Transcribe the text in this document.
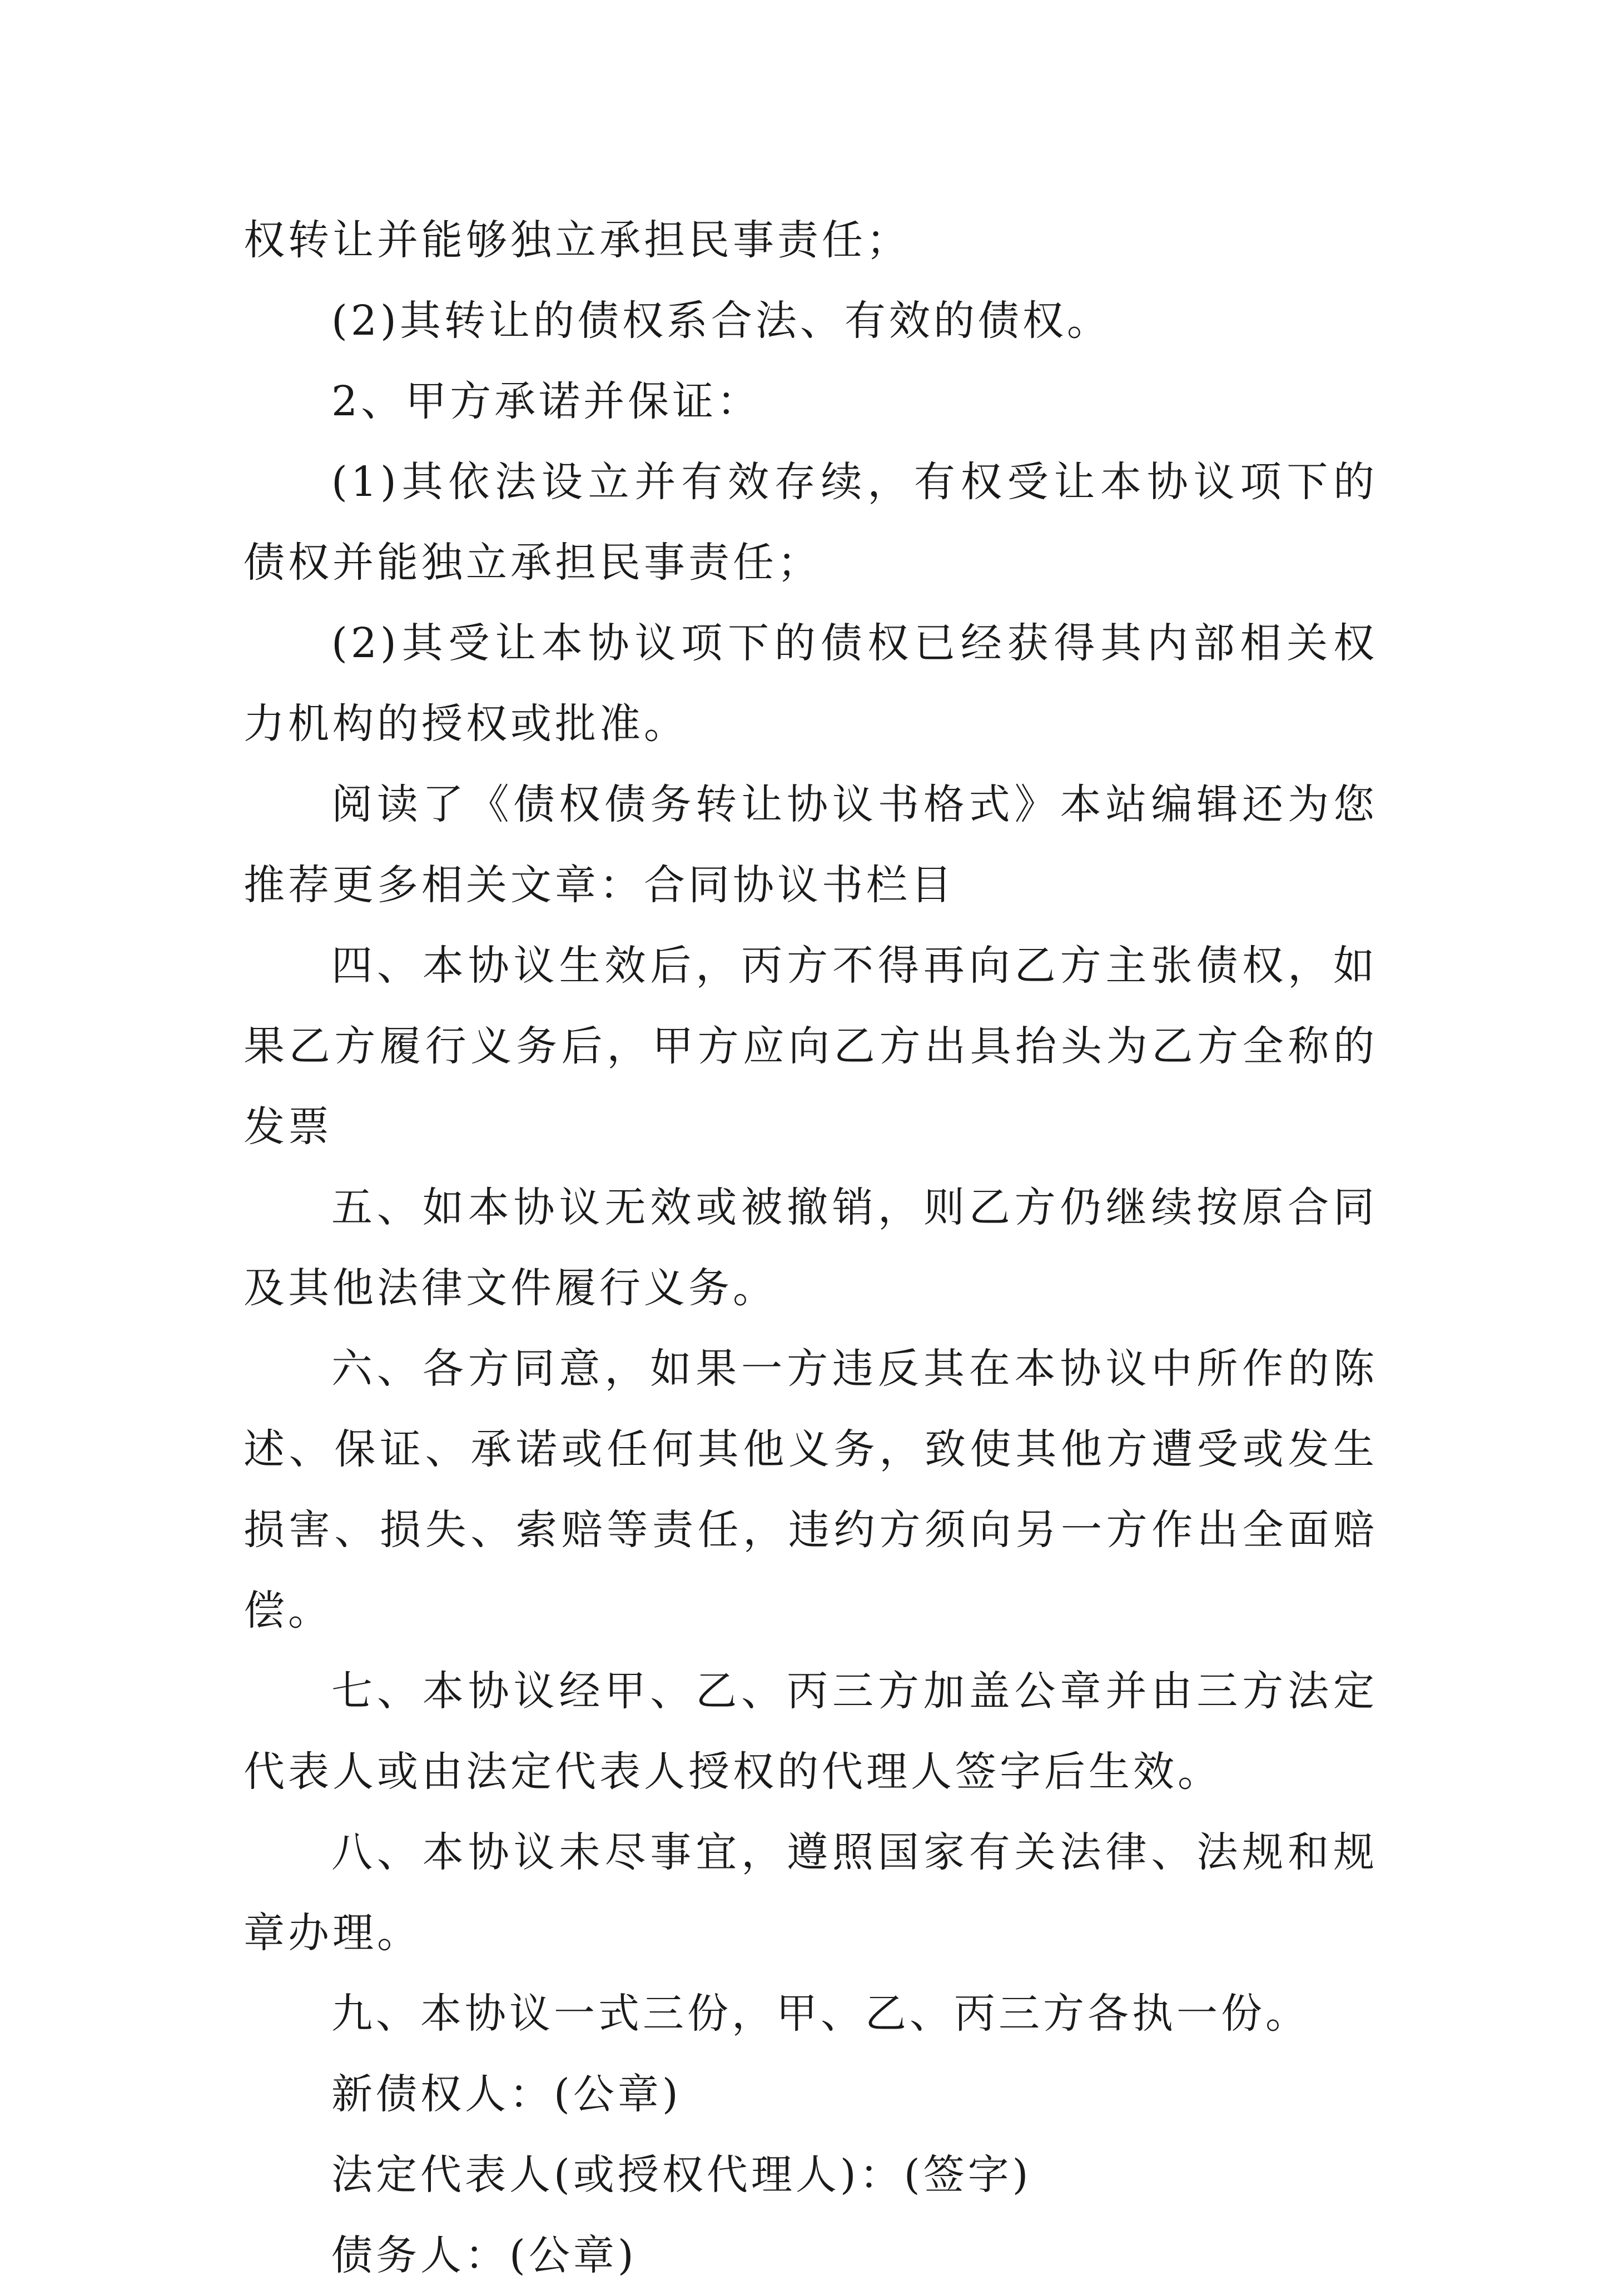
权转让并能够独立承担民事责任；

(2)其转让的债权系合法、有效的债权。

2、甲方承诺并保证：

(1)其依法设立并有效存续，有权受让本协议项下的债权并能独立承担民事责任；

(2)其受让本协议项下的债权已经获得其内部相关权力机构的授权或批准。

阅读了《债权债务转让协议书格式》本站编辑还为您推荐更多相关文章：合同协议书栏目

四、本协议生效后，丙方不得再向乙方主张债权，如果乙方履行义务后，甲方应向乙方出具抬头为乙方全称的发票

五、如本协议无效或被撤销，则乙方仍继续按原合同及其他法律文件履行义务。

六、各方同意，如果一方违反其在本协议中所作的陈述、保证、承诺或任何其他义务，致使其他方遭受或发生损害、损失、索赔等责任，违约方须向另一方作出全面赔偿。

七、本协议经甲、乙、丙三方加盖公章并由三方法定代表人或由法定代表人授权的代理人签字后生效。

八、本协议未尽事宜，遵照国家有关法律、法规和规章办理。

九、本协议一式三份，甲、乙、丙三方各执一份。

新债权人：(公章)

法定代表人(或授权代理人)：(签字)

债务人：(公章)
